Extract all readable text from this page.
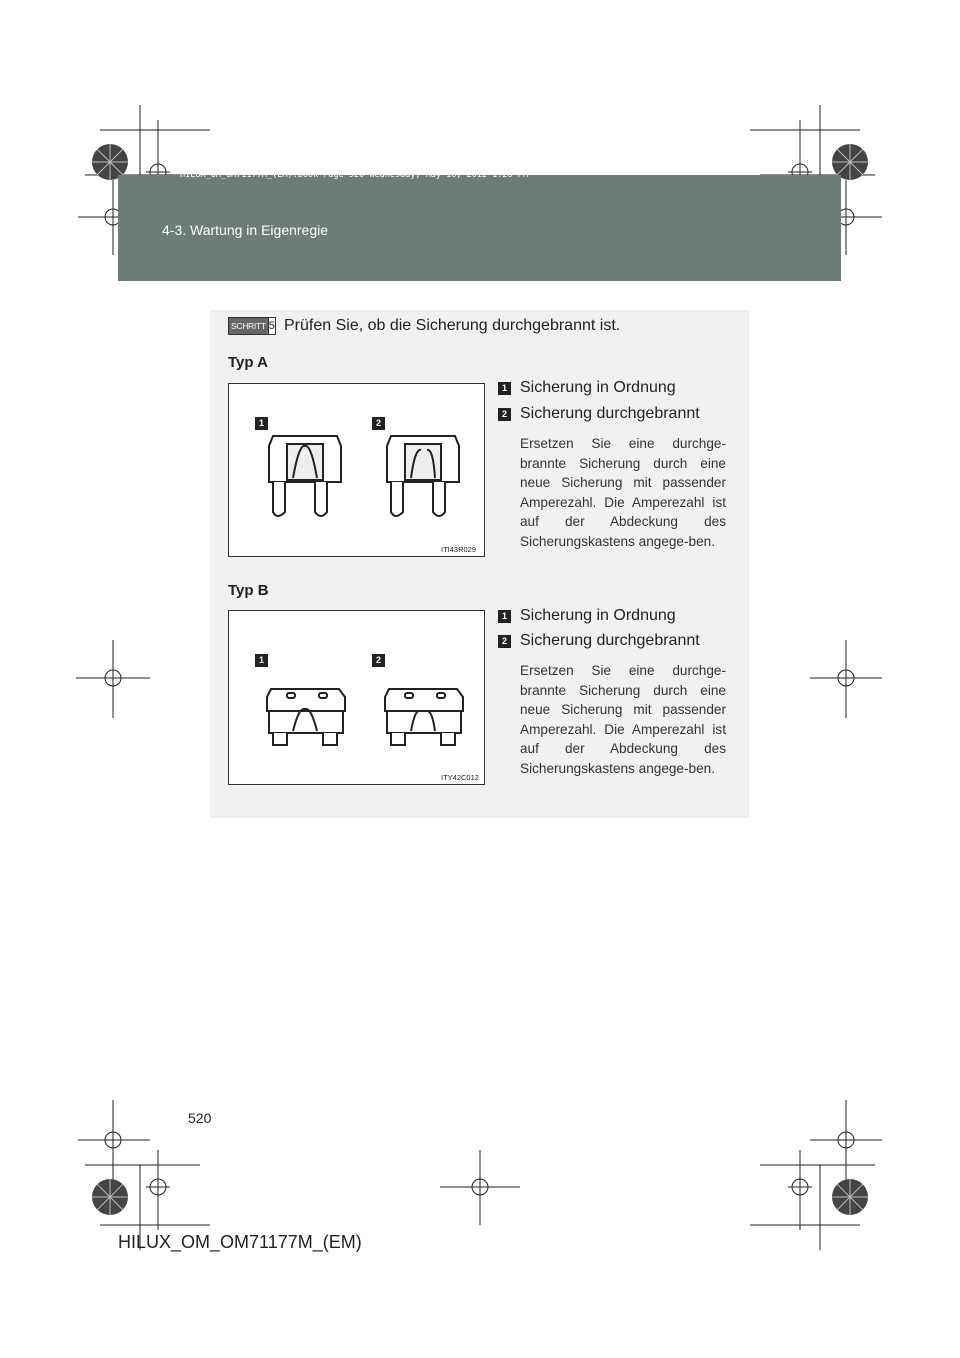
HILUX_OM_OM71177M_(EM).book Page 520 Wednesday, May 16, 2012 1:28 PM
4-3. Wartung in Eigenregie
SCHRITT 5 Prüfen Sie, ob die Sicherung durchgebrannt ist.
Typ A
1	2
ITI43R029
1 Sicherung in Ordnung
2 Sicherung durchgebrannt
Ersetzen Sie eine durchge-brannte Sicherung durch eine neue Sicherung mit passender Amperezahl. Die Amperezahl ist auf der Abdeckung des Sicherungskastens angege-ben.
Typ B
1	2
ITY42C012
1 Sicherung in Ordnung
2 Sicherung durchgebrannt
Ersetzen Sie eine durchge-brannte Sicherung durch eine neue Sicherung mit passender Amperezahl. Die Amperezahl ist auf der Abdeckung des Sicherungskastens angege-ben.
520
HILUX_OM_OM71177M_(EM)
